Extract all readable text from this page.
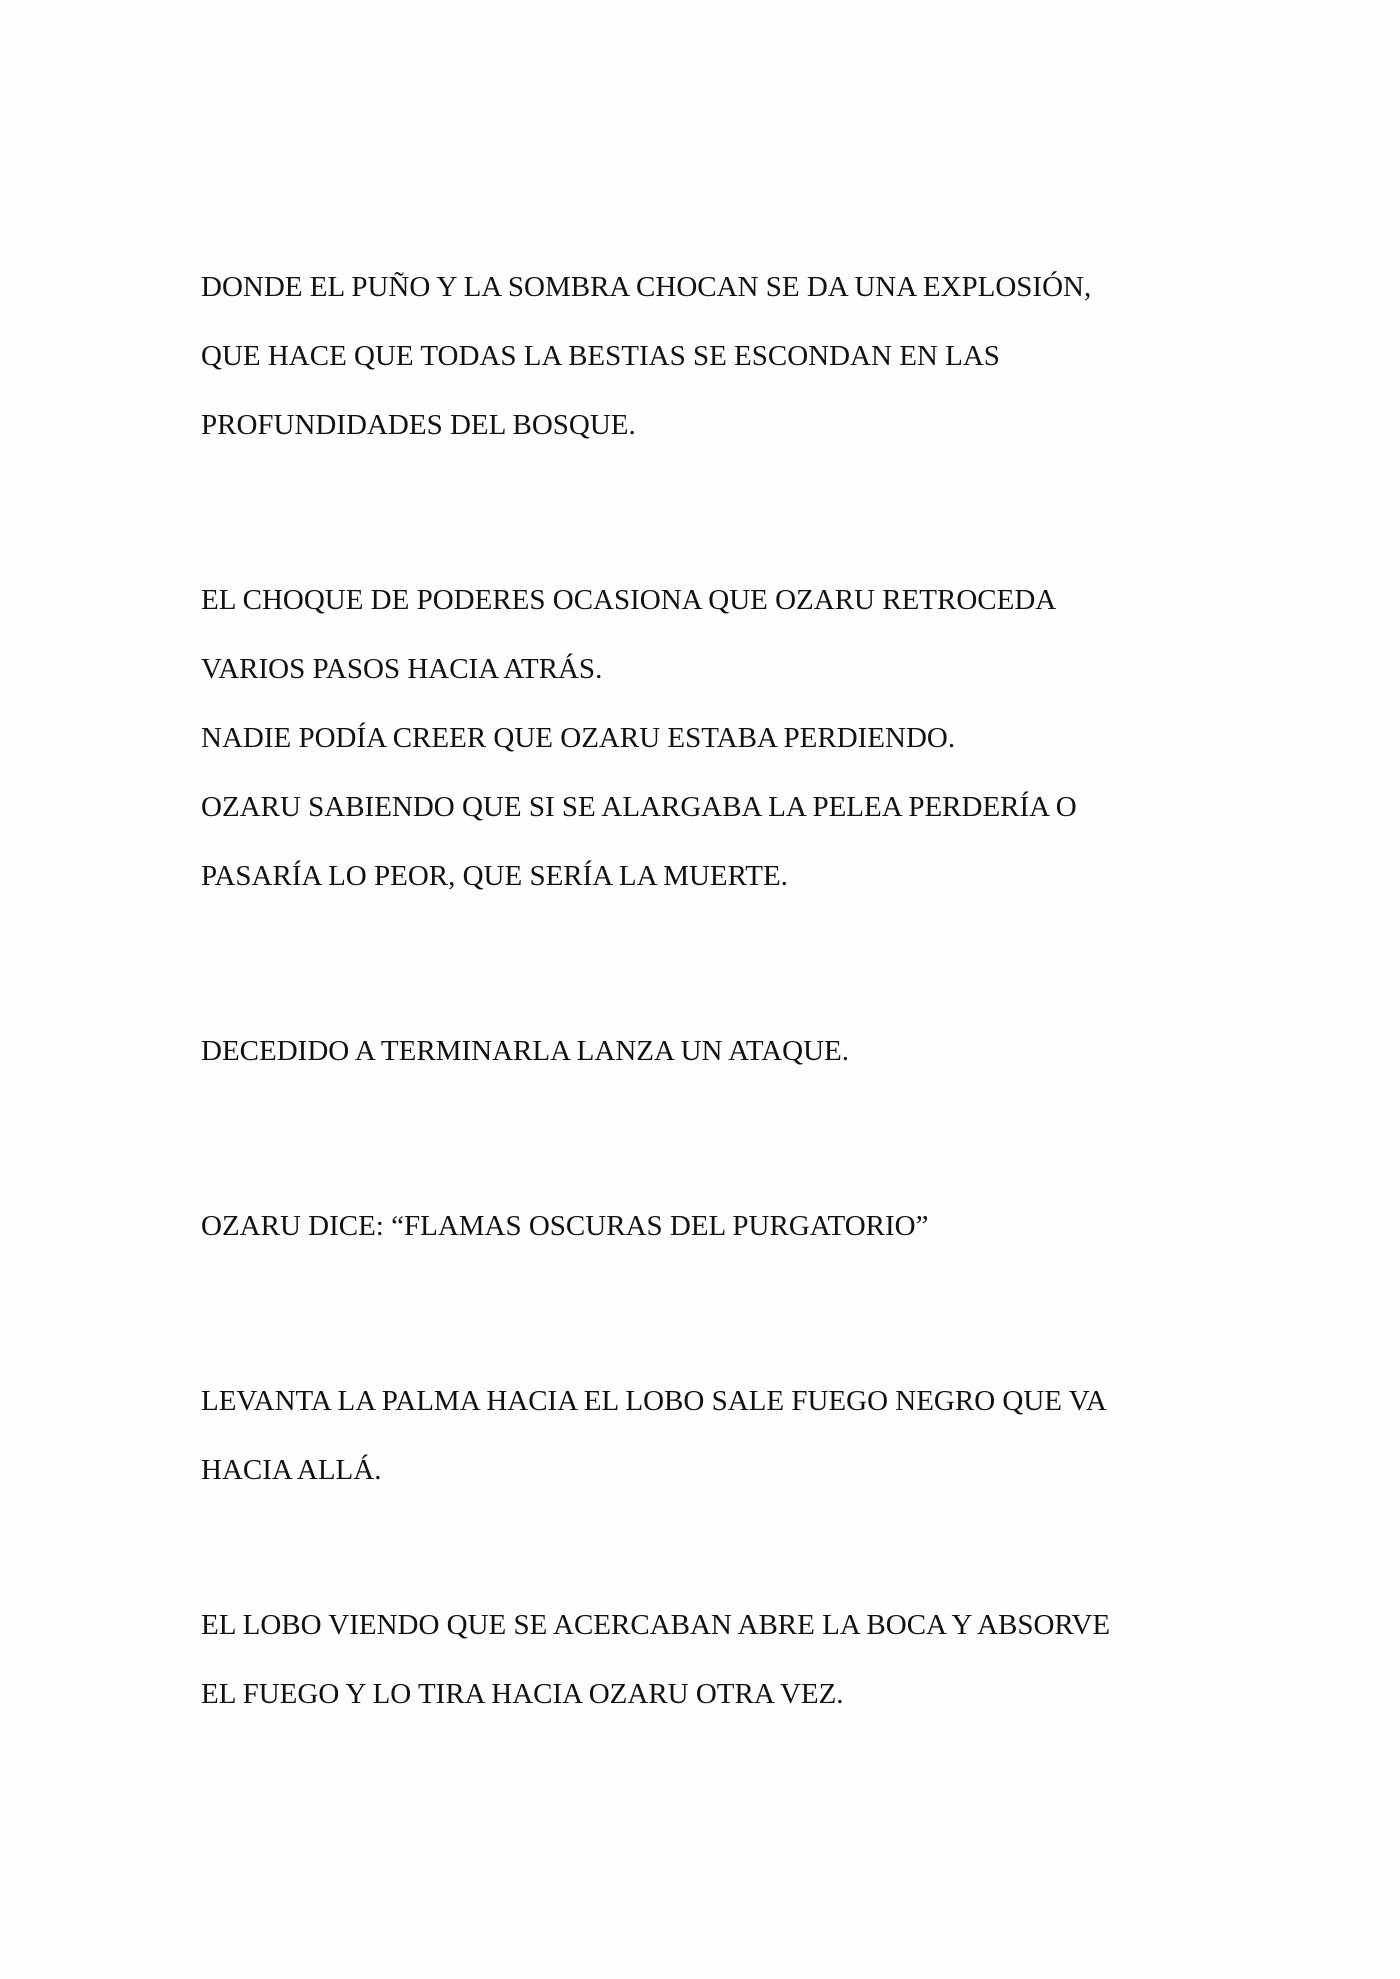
DONDE EL PUÑO Y LA SOMBRA CHOCAN SE DA UNA EXPLOSIÓN,
QUE HACE QUE TODAS LA BESTIAS SE ESCONDAN EN LAS
PROFUNDIDADES DEL BOSQUE.
EL CHOQUE DE PODERES OCASIONA QUE OZARU RETROCEDA
VARIOS PASOS HACIA ATRÁS.
NADIE PODÍA CREER QUE OZARU ESTABA PERDIENDO.
OZARU SABIENDO QUE SI SE ALARGABA LA PELEA PERDERÍA O
PASARÍA LO PEOR, QUE SERÍA LA MUERTE.
DECEDIDO A TERMINARLA LANZA UN ATAQUE.
OZARU DICE: “FLAMAS OSCURAS DEL PURGATORIO”
LEVANTA LA PALMA HACIA EL LOBO SALE FUEGO NEGRO QUE VA
HACIA ALLÁ.
EL LOBO VIENDO QUE SE ACERCABAN ABRE LA BOCA Y ABSORVE
EL FUEGO Y LO TIRA HACIA OZARU OTRA VEZ.
